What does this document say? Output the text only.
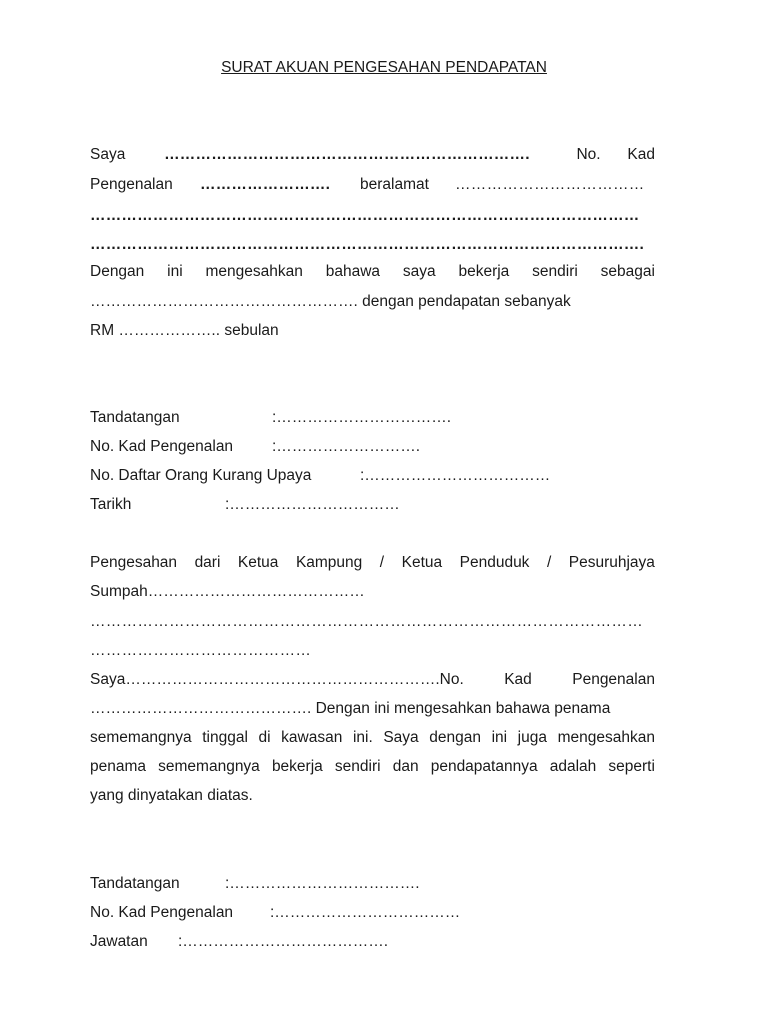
SURAT AKUAN PENGESAHAN PENDAPATAN
Saya	…………………………………………………………….	No. Kad
Pengenalan ……………………. beralamat ………………………………
……………………………………………………………………………………………
…………………………………………………………………………………………….
Dengan ini mengesahkan bahawa saya bekerja sendiri sebagai
……………………………………………. dengan pendapatan sebanyak
RM ……………….. sebulan
Tandatangan	:…………………………….
No. Kad Pengenalan	:……………………….
No. Daftar Orang Kurang Upaya	:………………………………
Tarikh	:……………………………
Pengesahan dari Ketua Kampung / Ketua Penduduk / Pesuruhjaya
Sumpah……………………………………
……………………………………………………………………………………………
……………………………………
Saya…………………………………………………….No.	Kad	Pengenalan
……………………………………. Dengan ini mengesahkan bahawa penama
sememangnya tinggal di kawasan ini. Saya dengan ini juga mengesahkan
penama sememangnya bekerja sendiri dan pendapatannya adalah seperti
yang dinyatakan diatas.
Tandatangan	:……………………………….
No. Kad Pengenalan :………………………………
Jawatan :………………………………….
